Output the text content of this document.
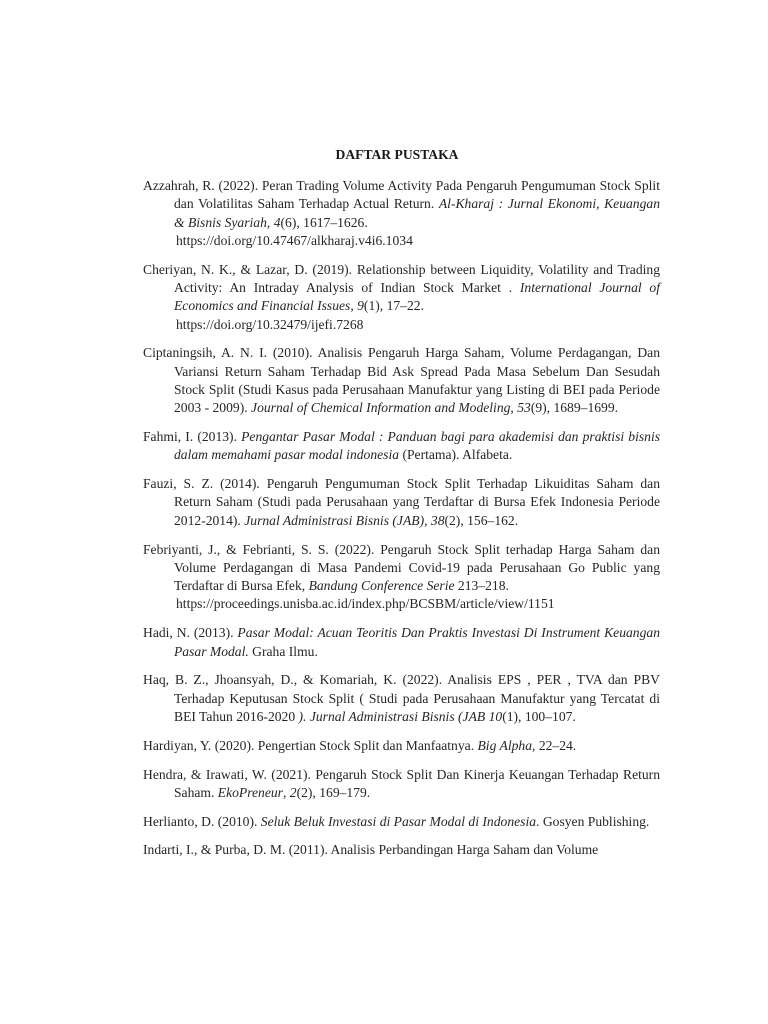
DAFTAR PUSTAKA
Azzahrah, R. (2022). Peran Trading Volume Activity Pada Pengaruh Pengumuman Stock Split dan Volatilitas Saham Terhadap Actual Return. Al-Kharaj : Jurnal Ekonomi, Keuangan & Bisnis Syariah, 4(6), 1617–1626.
https://doi.org/10.47467/alkharaj.v4i6.1034
Cheriyan, N. K., & Lazar, D. (2019). Relationship between Liquidity, Volatility and Trading Activity: An Intraday Analysis of Indian Stock Market . International Journal of Economics and Financial Issues, 9(1), 17–22.
https://doi.org/10.32479/ijefi.7268
Ciptaningsih, A. N. I. (2010). Analisis Pengaruh Harga Saham, Volume Perdagangan, Dan Variansi Return Saham Terhadap Bid Ask Spread Pada Masa Sebelum Dan Sesudah Stock Split (Studi Kasus pada Perusahaan Manufaktur yang Listing di BEI pada Periode 2003 - 2009). Journal of Chemical Information and Modeling, 53(9), 1689–1699.
Fahmi, I. (2013). Pengantar Pasar Modal : Panduan bagi para akademisi dan praktisi bisnis dalam memahami pasar modal indonesia (Pertama). Alfabeta.
Fauzi, S. Z. (2014). Pengaruh Pengumuman Stock Split Terhadap Likuiditas Saham dan Return Saham (Studi pada Perusahaan yang Terdaftar di Bursa Efek Indonesia Periode 2012-2014). Jurnal Administrasi Bisnis (JAB), 38(2), 156–162.
Febriyanti, J., & Febrianti, S. S. (2022). Pengaruh Stock Split terhadap Harga Saham dan Volume Perdagangan di Masa Pandemi Covid-19 pada Perusahaan Go Public yang Terdaftar di Bursa Efek, Bandung Conference Serie 213–218.
https://proceedings.unisba.ac.id/index.php/BCSBM/article/view/1151
Hadi, N. (2013). Pasar Modal: Acuan Teoritis Dan Praktis Investasi Di Instrument Keuangan Pasar Modal. Graha Ilmu.
Haq, B. Z., Jhoansyah, D., & Komariah, K. (2022). Analisis EPS , PER , TVA dan PBV Terhadap Keputusan Stock Split ( Studi pada Perusahaan Manufaktur yang Tercatat di BEI Tahun 2016-2020 ). Jurnal Administrasi Bisnis (JAB 10(1), 100–107.
Hardiyan, Y. (2020). Pengertian Stock Split dan Manfaatnya. Big Alpha, 22–24.
Hendra, & Irawati, W. (2021). Pengaruh Stock Split Dan Kinerja Keuangan Terhadap Return Saham. EkoPreneur, 2(2), 169–179.
Herlianto, D. (2010). Seluk Beluk Investasi di Pasar Modal di Indonesia. Gosyen Publishing.
Indarti, I., & Purba, D. M. (2011). Analisis Perbandingan Harga Saham dan Volume
